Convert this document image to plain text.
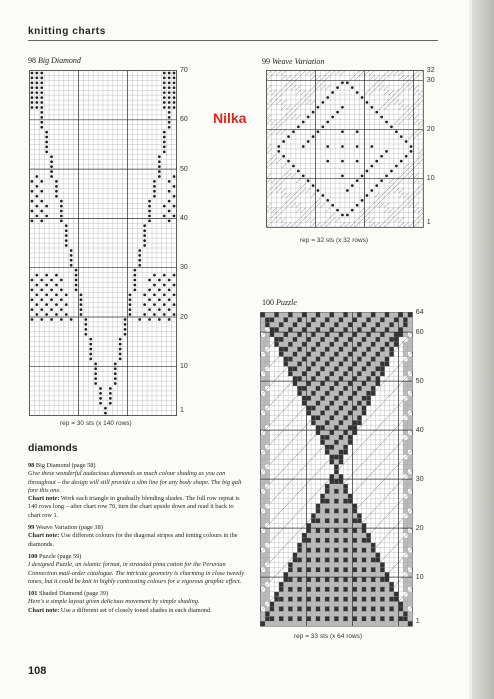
knitting charts
Nilka
98 Big Diamond
70
60
50
40
30
20
10
1
rep = 30 sts (x 140 rows)
99 Weave Variation
32
30
20
10
1
rep = 32 sts (x 32 rows)
100 Puzzle
64
60
50
40
30
20
10
1
rep = 33 sts (x 64 rows)
diamonds

98 Big Diamond (page 58)

Give these wonderful audacious diamonds as much colour shading as you can throughout – the design will still provide a slim line for any body shape. The big galt fore this one.

Chart note: Work each triangle in gradually blending shades. The full row repeat is 140 rows long – after chart row 70, turn the chart upside down and read it back to chart row 1.

99 Weave Variation (page 38)

Chart note: Use different colours for the diagonal stripes and toning colours in the diamonds.

100 Puzzle (page 59)

I designed Puzzle, an islamic format, in stranded pima cotton for the Peruvian Connection mail-order catalogue. The intricate geometry is charming in close tweedy tones, but it could be knit in highly contrasting colours for a vigorous graphic effect.

101 Shaded Diamond (page 39)

Here's a simple layout given delicious movement by simple shading.

Chart note: Use a different set of closely toned shades in each diamond.

108
